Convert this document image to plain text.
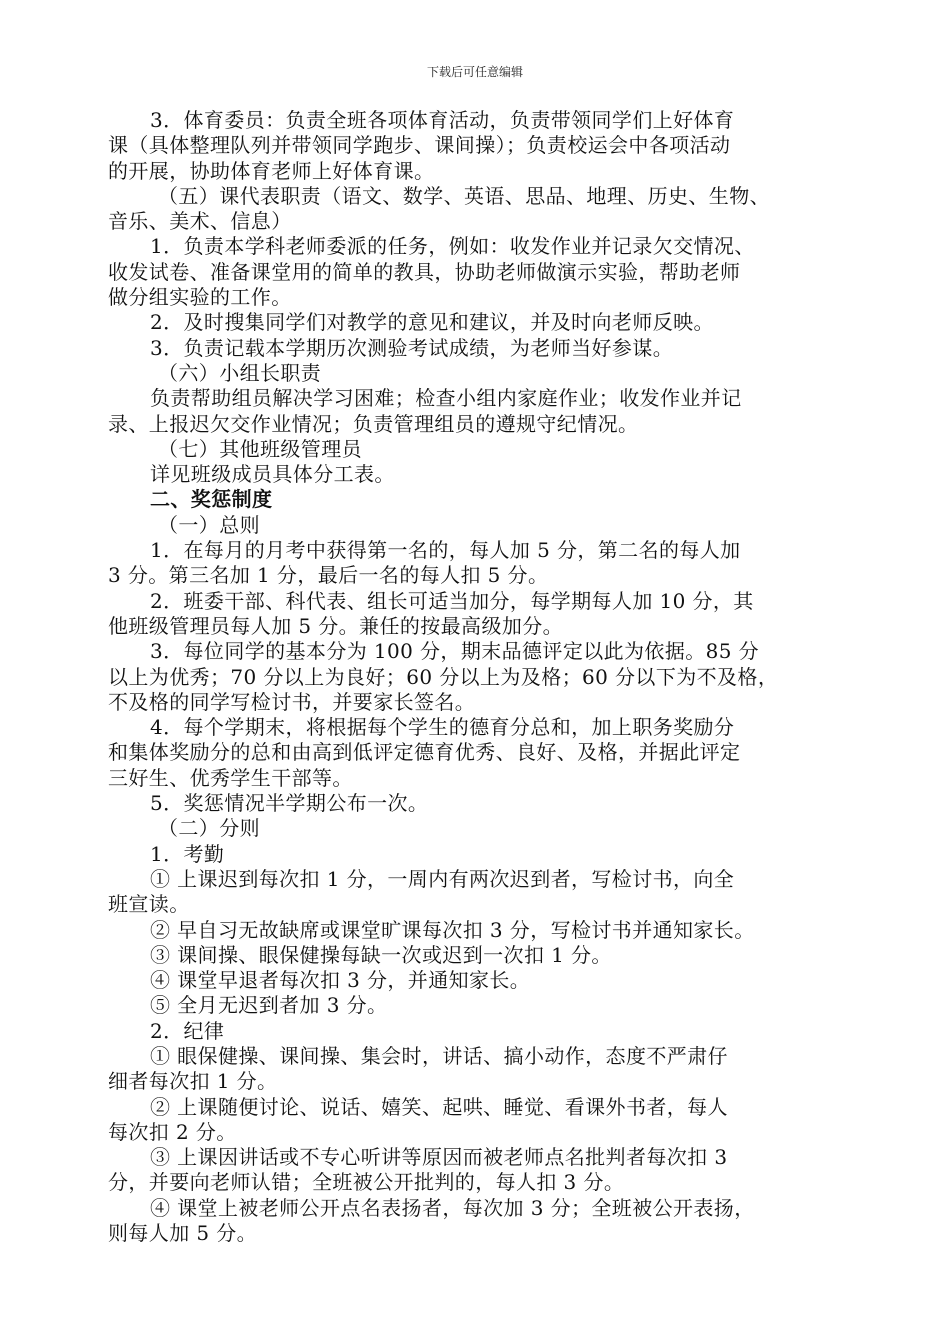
下载后可任意编辑
3．体育委员：负责全班各项体育活动，负责带领同学们上好体育
课（具体整理队列并带领同学跑步、课间操）；负责校运会中各项活动
的开展，协助体育老师上好体育课。
（五）课代表职责（语文、数学、英语、思品、地理、历史、生物、
音乐、美术、信息）
1．负责本学科老师委派的任务，例如：收发作业并记录欠交情况、
收发试卷、准备课堂用的简单的教具，协助老师做演示实验，帮助老师
做分组实验的工作。
2．及时搜集同学们对教学的意见和建议，并及时向老师反映。
3．负责记载本学期历次测验考试成绩，为老师当好参谋。
（六）小组长职责
负责帮助组员解决学习困难；检查小组内家庭作业；收发作业并记
录、上报迟欠交作业情况；负责管理组员的遵规守纪情况。
（七）其他班级管理员
详见班级成员具体分工表。
二、奖惩制度
（一）总则
1．在每月的月考中获得第一名的，每人加 5 分，第二名的每人加
3 分。第三名加 1 分，最后一名的每人扣 5 分。
2．班委干部、科代表、组长可适当加分，每学期每人加 10 分，其
他班级管理员每人加 5 分。兼任的按最高级加分。
3．每位同学的基本分为 100 分，期末品德评定以此为依据。85 分
以上为优秀；70 分以上为良好；60 分以上为及格；60 分以下为不及格，
不及格的同学写检讨书，并要家长签名。
4．每个学期末，将根据每个学生的德育分总和，加上职务奖励分
和集体奖励分的总和由高到低评定德育优秀、良好、及格，并据此评定
三好生、优秀学生干部等。
5．奖惩情况半学期公布一次。
（二）分则
1．考勤
① 上课迟到每次扣 1 分，一周内有两次迟到者，写检讨书，向全
班宣读。
② 早自习无故缺席或课堂旷课每次扣 3 分，写检讨书并通知家长。
③ 课间操、眼保健操每缺一次或迟到一次扣 1 分。
④ 课堂早退者每次扣 3 分，并通知家长。
⑤ 全月无迟到者加 3 分。
2．纪律
① 眼保健操、课间操、集会时，讲话、搞小动作，态度不严肃仔
细者每次扣 1 分。
② 上课随便讨论、说话、嬉笑、起哄、睡觉、看课外书者，每人
每次扣 2 分。
③ 上课因讲话或不专心听讲等原因而被老师点名批判者每次扣 3
分，并要向老师认错；全班被公开批判的，每人扣 3 分。
④ 课堂上被老师公开点名表扬者，每次加 3 分；全班被公开表扬，
则每人加 5 分。
